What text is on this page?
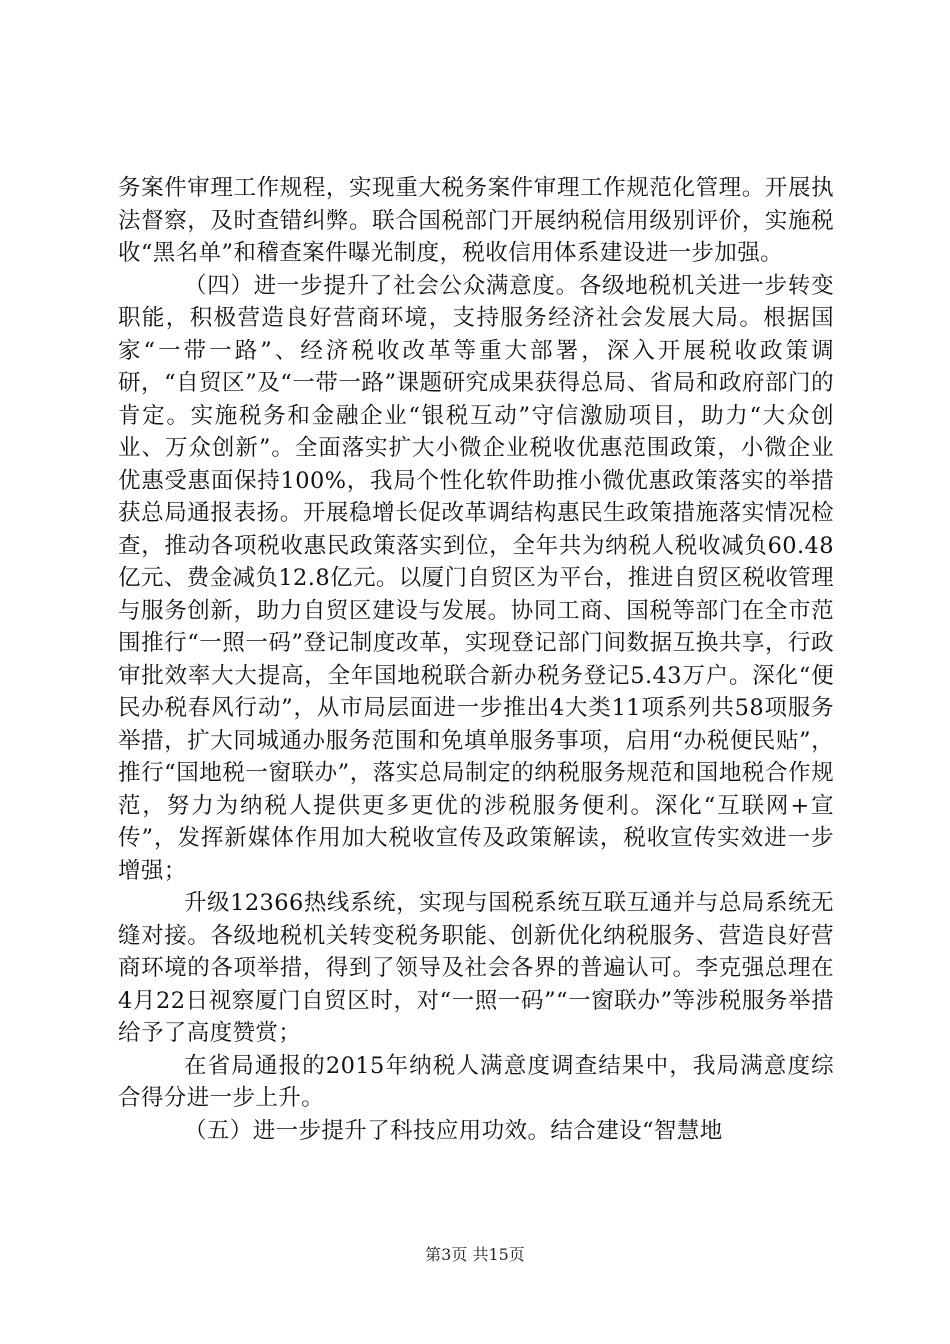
务案件审理工作规程，实现重大税务案件审理工作规范化管理。开展执法督察，及时查错纠弊。联合国税部门开展纳税信用级别评价，实施税收“黑名单”和稽查案件曝光制度，税收信用体系建设进一步加强。

（四）进一步提升了社会公众满意度。各级地税机关进一步转变职能，积极营造良好营商环境，支持服务经济社会发展大局。根据国家“一带一路”、经济税收改革等重大部署，深入开展税收政策调研，“自贸区”及“一带一路”课题研究成果获得总局、省局和政府部门的肯定。实施税务和金融企业“银税互动”守信激励项目，助力“大众创业、万众创新”。全面落实扩大小微企业税收优惠范围政策，小微企业优惠受惠面保持100%，我局个性化软件助推小微优惠政策落实的举措获总局通报表扬。开展稳增长促改革调结构惠民生政策措施落实情况检查，推动各项税收惠民政策落实到位，全年共为纳税人税收减负60.48亿元、费金减负12.8亿元。以厦门自贸区为平台，推进自贸区税收管理与服务创新，助力自贸区建设与发展。协同工商、国税等部门在全市范围推行“一照一码”登记制度改革，实现登记部门间数据互换共享，行政审批效率大大提高，全年国地税联合新办税务登记5.43万户。深化“便民办税春风行动”，从市局层面进一步推出4大类11项系列共58项服务举措，扩大同城通办服务范围和免填单服务事项，启用“办税便民贴”，推行“国地税一窗联办”，落实总局制定的纳税服务规范和国地税合作规范，努力为纳税人提供更多更优的涉税服务便利。深化“互联网+宣传”，发挥新媒体作用加大税收宣传及政策解读，税收宣传实效进一步增强；

升级12366热线系统，实现与国税系统互联互通并与总局系统无缝对接。各级地税机关转变税务职能、创新优化纳税服务、营造良好营商环境的各项举措，得到了领导及社会各界的普遍认可。李克强总理在4月22日视察厦门自贸区时，对“一照一码”“一窗联办”等涉税服务举措给予了高度赞赏；

在省局通报的2015年纳税人满意度调查结果中，我局满意度综合得分进一步上升。

（五）进一步提升了科技应用功效。结合建设“智慧地

第3页 共15页
